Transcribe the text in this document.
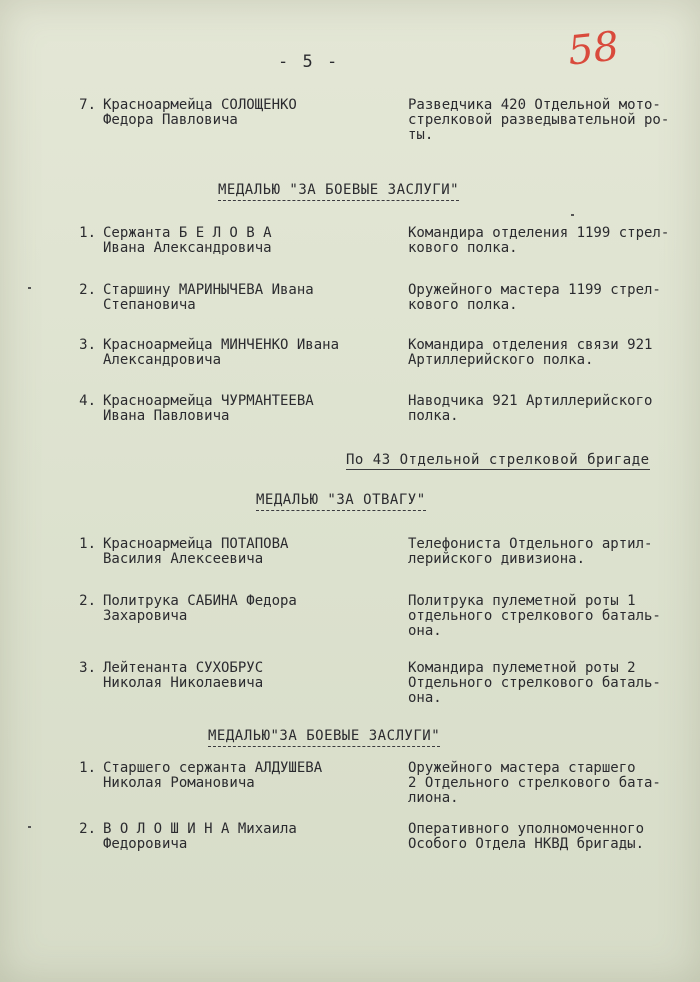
- 5 -	58
7. Красноармейца СОЛОЩЕНКО
Федора Павловича
Разведчика 420 Отдельной мото-
стрелковой разведывательной ро-
ты.
МЕДАЛЬЮ "ЗА БОЕВЫЕ ЗАСЛУГИ"
1. Сержанта Б Е Л О В А
Ивана Александровича
Командира отделения 1199 стрел-
кового полка.
2. Старшину МАРИНЫЧЕВА Ивана
Степановича
Оружейного мастера 1199 стрел-
кового полка.
3. Красноармейца МИНЧЕНКО Ивана
Александровича
Командира отделения связи 921
Артиллерийского полка.
4. Красноармейца ЧУРМАНТЕЕВА
Ивана Павловича
Наводчика 921 Артиллерийского
полка.
По 43 Отдельной стрелковой бригаде
МЕДАЛЬЮ "ЗА ОТВАГУ"
1. Красноармейца ПОТАПОВА
Василия Алексеевича
Телефониста Отдельного артил-
лерийского дивизиона.
2. Политрука САБИНА Федора
Захаровича
Политрука пулеметной роты 1
отдельного стрелкового баталь-
она.
3. Лейтенанта СУХОБРУС
Николая Николаевича
Командира пулеметной роты 2
Отдельного стрелкового баталь-
она.
МЕДАЛЬЮ"ЗА БОЕВЫЕ ЗАСЛУГИ"
1. Старшего сержанта АЛДУШЕВА
Николая Романовича
Оружейного мастера старшего
2 Отдельного стрелкового бата-
лиона.
2. В О Л О Ш И Н А Михаила
Федоровича
Оперативного уполномоченного
Особого Отдела НКВД бригады.
